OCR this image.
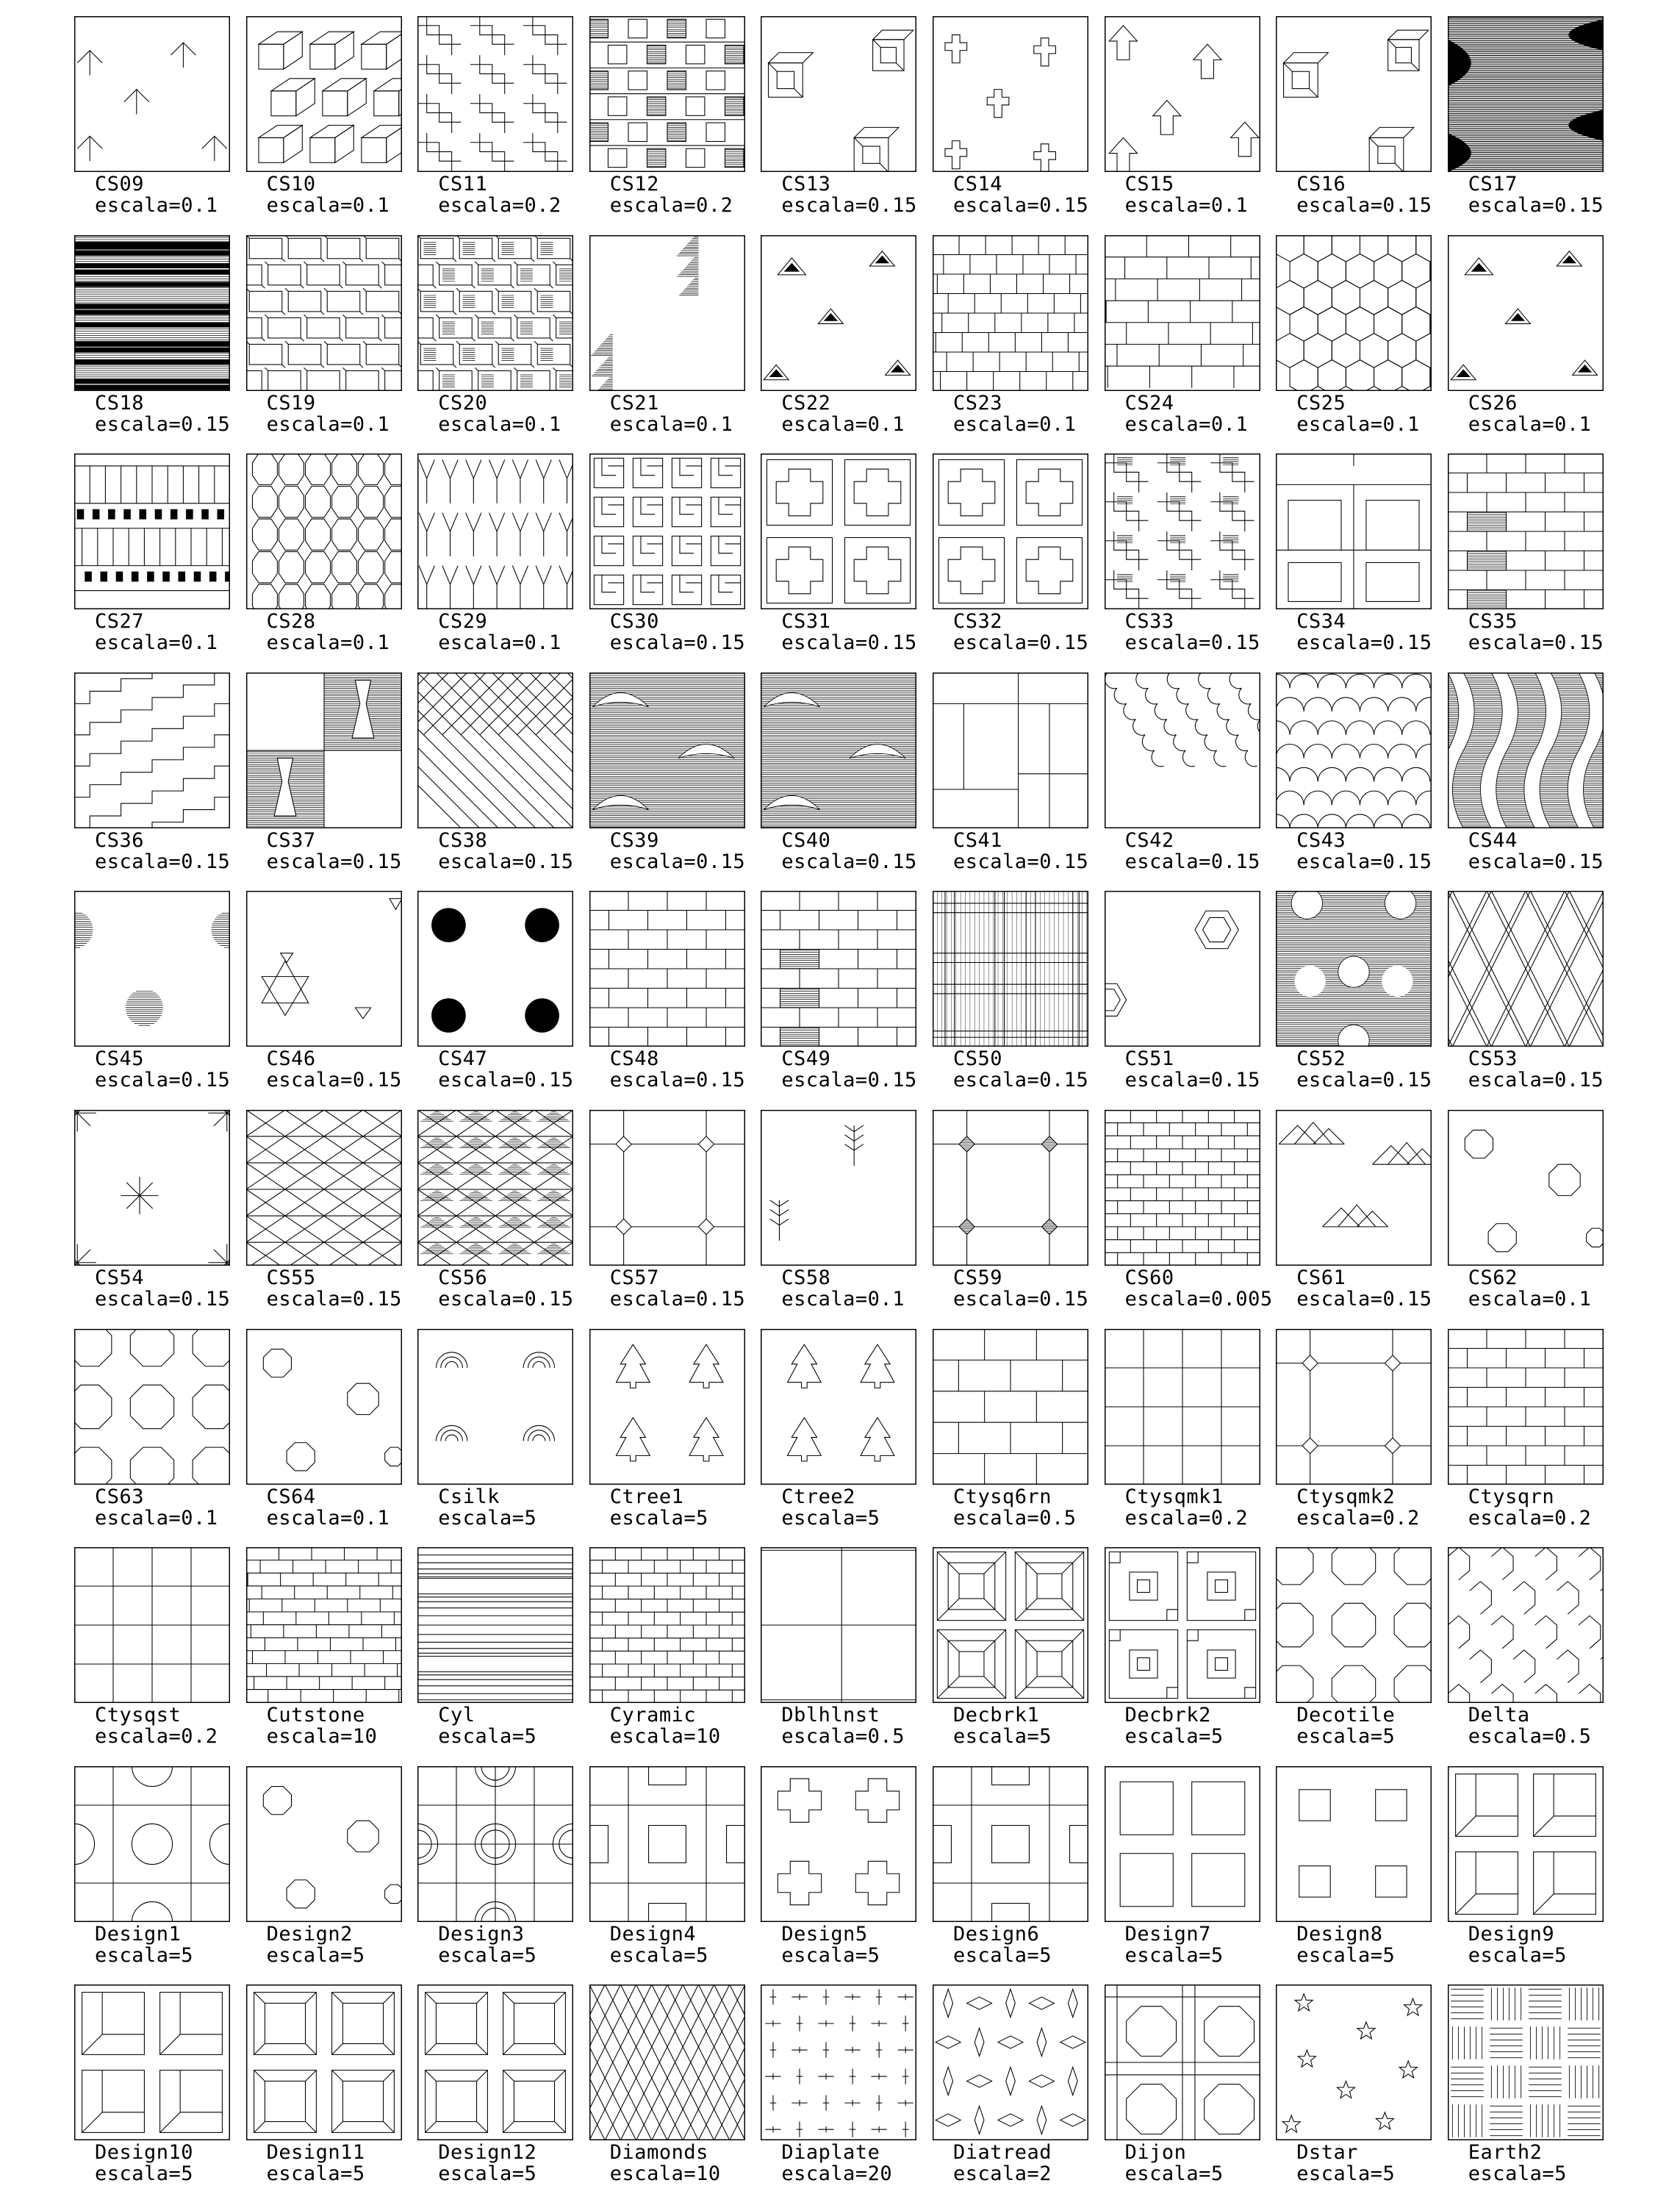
CS09
escala=0.1
CS10
escala=0.1
CS11
escala=0.2
CS12
escala=0.2
CS13
escala=0.15
CS14
escala=0.15
CS15
escala=0.1
CS16
escala=0.15
CS17
escala=0.15
CS18
escala=0.15
CS19
escala=0.1
CS20
escala=0.1
CS21
escala=0.1
CS22
escala=0.1
CS23
escala=0.1
CS24
escala=0.1
CS25
escala=0.1
CS26
escala=0.1
CS27
escala=0.1
CS28
escala=0.1
CS29
escala=0.1
CS30
escala=0.15
CS31
escala=0.15
CS32
escala=0.15
CS33
escala=0.15
CS34
escala=0.15
CS35
escala=0.15
CS36
escala=0.15
CS37
escala=0.15
CS38
escala=0.15
CS39
escala=0.15
CS40
escala=0.15
CS41
escala=0.15
CS42
escala=0.15
CS43
escala=0.15
CS44
escala=0.15
CS45
escala=0.15
CS46
escala=0.15
CS47
escala=0.15
CS48
escala=0.15
CS49
escala=0.15
CS50
escala=0.15
CS51
escala=0.15
CS52
escala=0.15
CS53
escala=0.15
CS54
escala=0.15
CS55
escala=0.15
CS56
escala=0.15
CS57
escala=0.15
CS58
escala=0.1
CS59
escala=0.15
CS60
escala=0.005
CS61
escala=0.15
CS62
escala=0.1
CS63
escala=0.1
CS64
escala=0.1
Csilk
escala=5
Ctree1
escala=5
Ctree2
escala=5
Ctysq6rn
escala=0.5
Ctysqmk1
escala=0.2
Ctysqmk2
escala=0.2
Ctysqrn
escala=0.2
Ctysqst
escala=0.2
Cutstone
escala=10
Cyl
escala=5
Cyramic
escala=10
Dblhlnst
escala=0.5
Decbrk1
escala=5
Decbrk2
escala=5
Decotile
escala=5
Delta
escala=0.5
Design1
escala=5
Design2
escala=5
Design3
escala=5
Design4
escala=5
Design5
escala=5
Design6
escala=5
Design7
escala=5
Design8
escala=5
Design9
escala=5
Design10
escala=5
Design11
escala=5
Design12
escala=5
Diamonds
escala=10
Diaplate
escala=20
Diatread
escala=2
Dijon
escala=5
Dstar
escala=5
Earth2
escala=5
